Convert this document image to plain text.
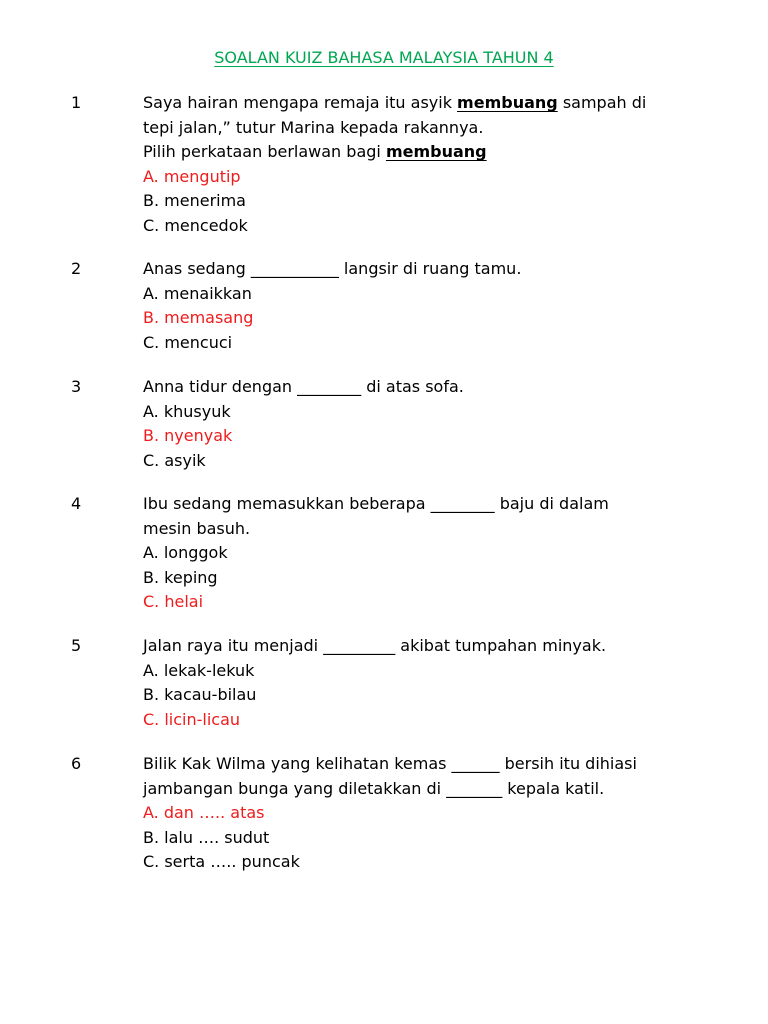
SOALAN KUIZ BAHASA MALAYSIA TAHUN 4
1	Saya hairan mengapa remaja itu asyik membuang sampah di
tepi jalan,” tutur Marina kepada rakannya.
Pilih perkataan berlawan bagi membuang
A. mengutip
B. menerima
C. mencedok
2	Anas sedang ___________ langsir di ruang tamu.
A. menaikkan
B. memasang
C. mencuci
3	Anna tidur dengan ________ di atas sofa.
A. khusyuk
B. nyenyak
C. asyik
4	Ibu sedang memasukkan beberapa ________ baju di dalam
mesin basuh.
A. longgok
B. keping
C. helai
5	Jalan raya itu menjadi _________ akibat tumpahan minyak.
A. lekak-lekuk
B. kacau-bilau
C. licin-licau
6	Bilik Kak Wilma yang kelihatan kemas ______ bersih itu dihiasi
jambangan bunga yang diletakkan di _______ kepala katil.
A. dan ….. atas
B. lalu …. sudut
C. serta ….. puncak
